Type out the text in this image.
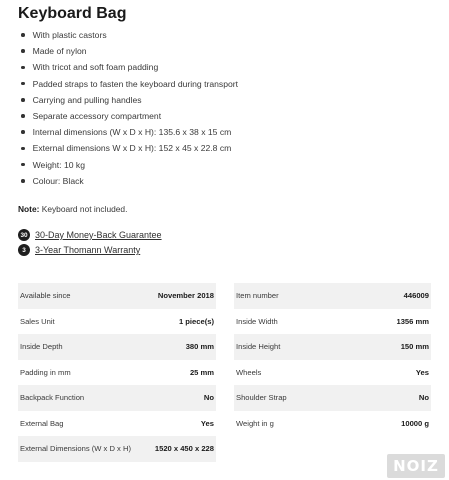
Keyboard Bag
With plastic castors
Made of nylon
With tricot and soft foam padding
Padded straps to fasten the keyboard during transport
Carrying and pulling handles
Separate accessory compartment
Internal dimensions (W x D x H): 135.6 x 38 x 15 cm
External dimensions W x D x H): 152 x 45 x 22.8 cm
Weight: 10 kg
Colour: Black

Note: Keyboard not included.

30 30-Day Money-Back Guarantee
3	3-Year Thomann Warranty
Available since	November 2018
Sales Unit	1 piece(s)
Inside Depth	380 mm
Padding in mm	25 mm
Backpack Function	No
External Bag	Yes
External Dimensions (W x D x H)	1520 x 450 x 228
Item number	446009
Inside Width	1356 mm
Inside Height	150 mm
Wheels	Yes
Shoulder Strap	No
Weight in g	10000 g
NOIZ
